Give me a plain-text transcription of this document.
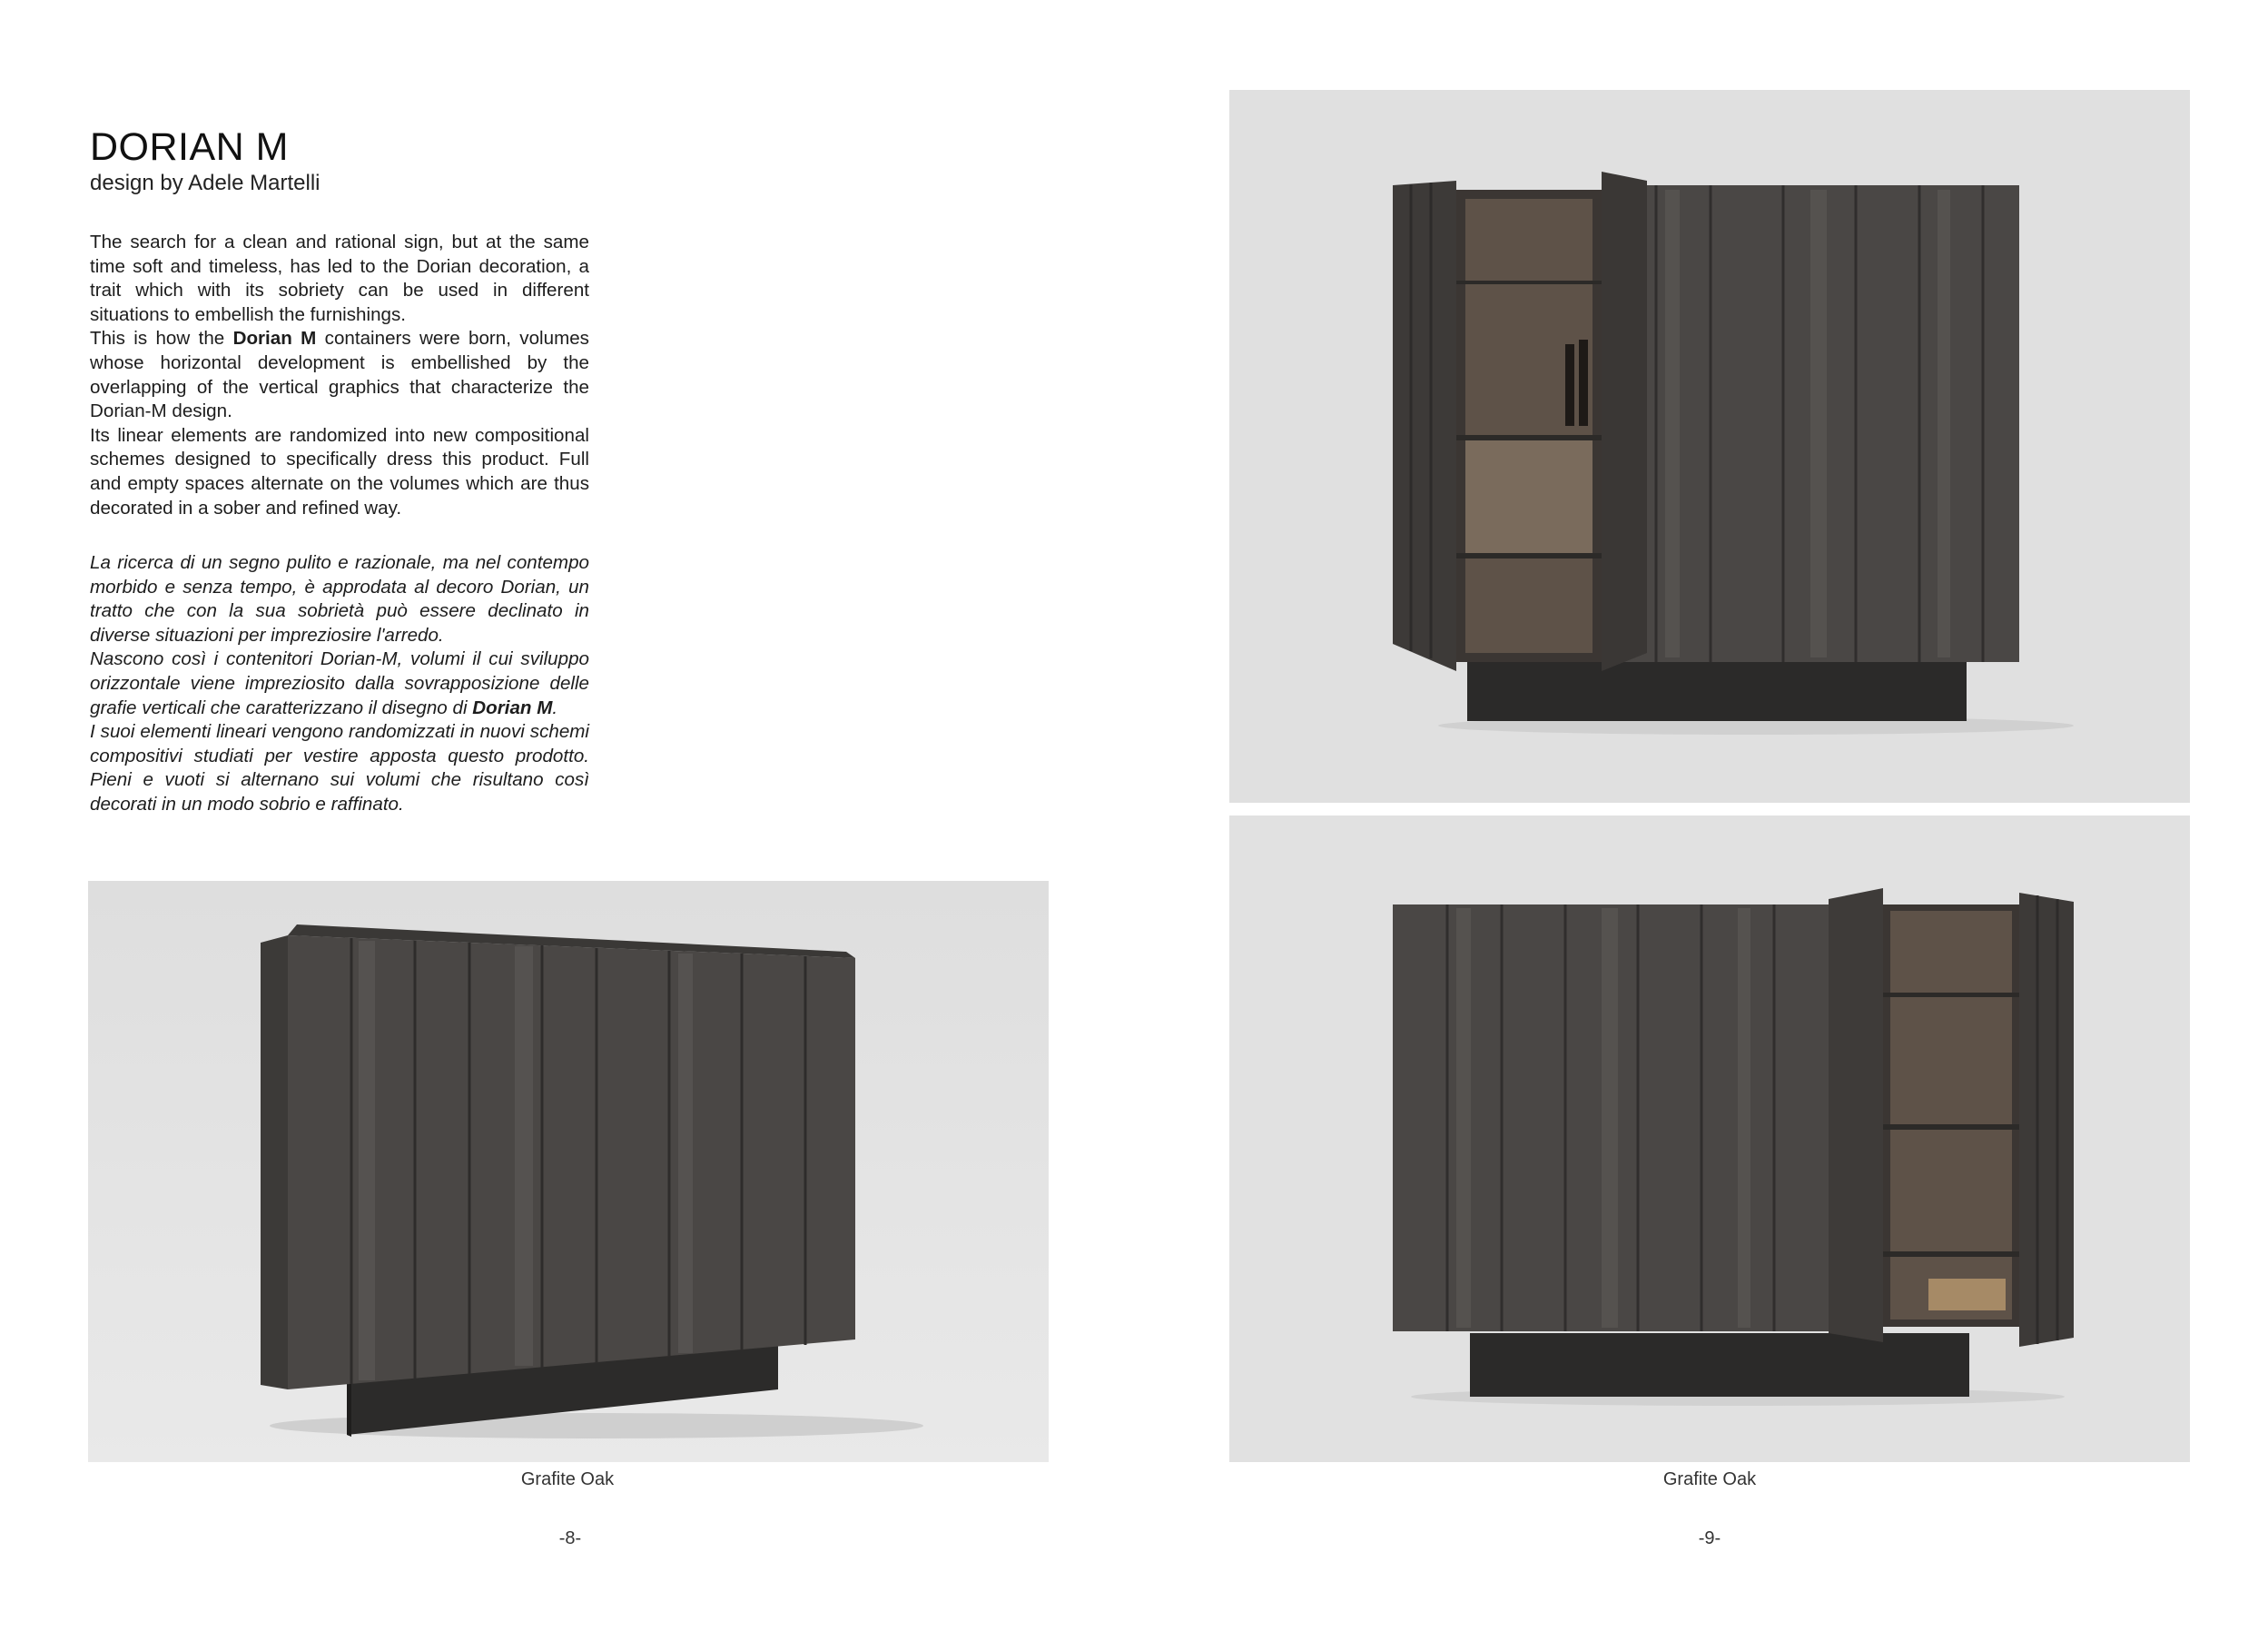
DORIAN M
design by Adele Martelli

The search for a clean and rational sign, but at the same time soft and timeless, has led to the Dorian decoration, a trait which with its sobriety can be used in different situations to embellish the furnishings.

This is how the Dorian M containers were born, volumes whose horizontal development is embellished by the overlapping of the vertical graphics that characterize the Dorian-M design.

Its linear elements are randomized into new compositional schemes designed to specifically dress this product. Full and empty spaces alternate on the volumes which are thus decorated in a sober and refined way.

La ricerca di un segno pulito e razionale, ma nel contempo morbido e senza tempo, è approdata al decoro Dorian, un tratto che con la sua sobrietà può essere declinato in diverse situazioni per impreziosire l'arredo.

Nascono così i contenitori Dorian-M, volumi il cui sviluppo orizzontale viene impreziosito dalla sovrapposizione delle grafie verticali che caratterizzano il disegno di Dorian M.

I suoi elementi lineari vengono randomizzati in nuovi schemi compositivi studiati per vestire apposta questo prodotto. Pieni e vuoti si alternano sui volumi che risultano così decorati in un modo sobrio e raffinato.

Grafite Oak
-8-
Grafite Oak
-9-
